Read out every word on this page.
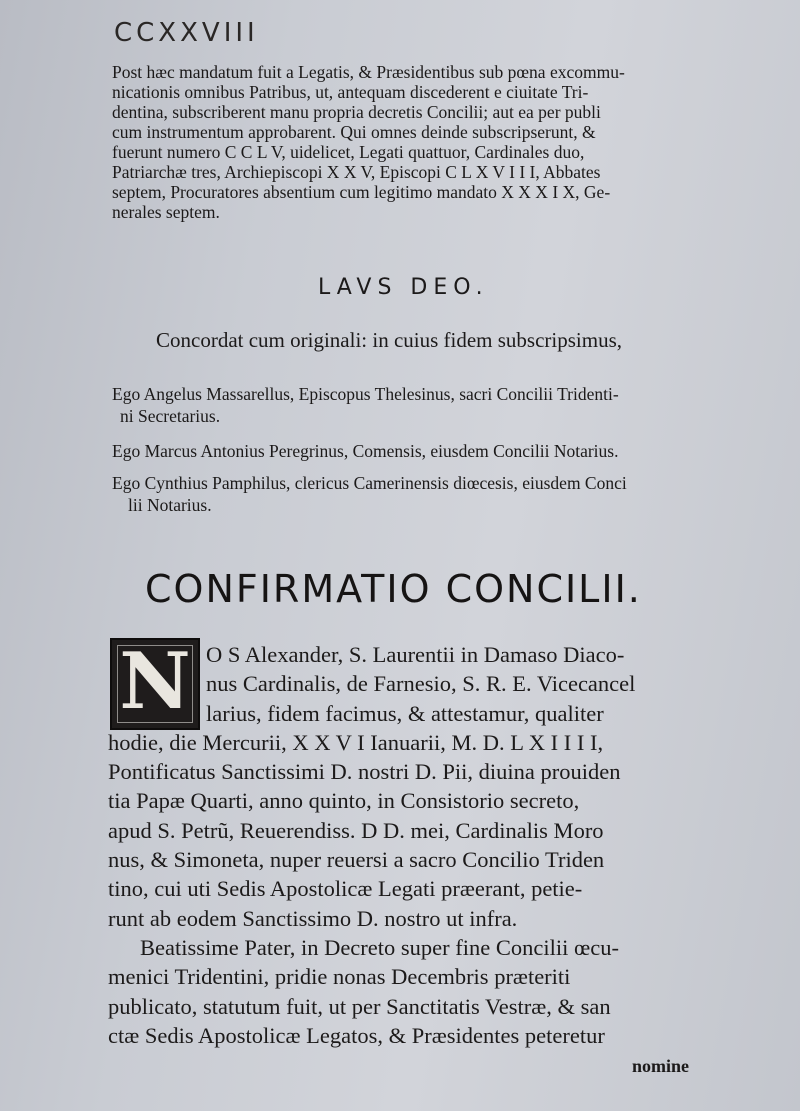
CCXXVIII
Post hæc mandatum fuit a Legatis, & Præsidentibus sub pœna excommu-
nicationis omnibus Patribus, ut, antequam discederent e ciuitate Tri-
dentina, subscriberent manu propria decretis Concilii; aut ea per publi
cum instrumentum approbarent. Qui omnes deinde subscripserunt, &
fuerunt numero C C L V, uidelicet, Legati quattuor, Cardinales duo,
Patriarchæ tres, Archiepiscopi X X V, Episcopi C L X V I I I, Abbates
septem, Procuratores absentium cum legitimo mandato X X X I X, Ge-
nerales septem.
LAVS DEO.
Concordat cum originali: in cuius fidem subscripsimus,
Ego Angelus Massarellus, Episcopus Thelesinus, sacri Concilii Tridenti-
ni Secretarius.
Ego Marcus Antonius Peregrinus, Comensis, eiusdem Concilii Notarius.
Ego Cynthius Pamphilus, clericus Camerinensis diœcesis, eiusdem Conci
lii Notarius.
CONFIRMATIO CONCILII.
N O S Alexander, S. Laurentii in Damaso Diaco-
nus Cardinalis, de Farnesio, S. R. E. Vicecancel
larius, fidem facimus, & attestamur, qualiter
hodie, die Mercurii, X X V I Ianuarii, M. D. L X I I I I,
Pontificatus Sanctissimi D. nostri D. Pii, diuina prouiden
tia Papæ Quarti, anno quinto, in Consistorio secreto,
apud S. Petrũ, Reuerendiss. D D. mei, Cardinalis Moro
nus, & Simoneta, nuper reuersi a sacro Concilio Triden
tino, cui uti Sedis Apostolicæ Legati præerant, petie-
runt ab eodem Sanctissimo D. nostro ut infra.
Beatissime Pater, in Decreto super fine Concilii œcu-
menici Tridentini, pridie nonas Decembris præteriti
publicato, statutum fuit, ut per Sanctitatis Vestræ, & san
ctæ Sedis Apostolicæ Legatos, & Præsidentes peteretur
nomine
